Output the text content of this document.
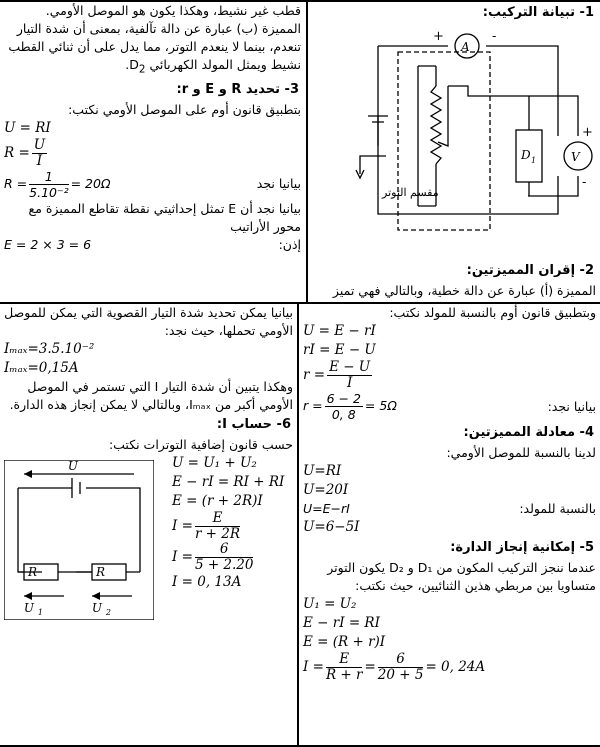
1- تبيانة التركيب:

A
V
D 1
+	-
+
-
مقسم التوتر

2- إقران المميزتين:

المميزة (أ) عبارة عن دالة خطية، وبالتالي فهي تميز

قطب غير نشيط، وهكذا يكون هو الموصل الأومي.

المميزة (ب) عبارة عن دالة تآلفية، بمعنى أن شدة التيار تنعدم، بينما لا ينعدم التوتر، مما يدل على أن ثنائي القطب نشيط ويمثل المولد الكهربائي $D_2$.

3- تحديد R و E و r:

بتطبيق قانون أوم على الموصل الأومي نكتب:

U = RI
$R = \frac{U}{I}$
بيانيا نجد
$R = \frac{1}{\text{5.10⁻²}} = 20\Omega$

بيانيا نجد أن E تمثل إحداثيتي نقطة تقاطع المميزة مع محور الأراتيب

إذن:
E = 2 × 3 = 6

وبتطبيق قانون أوم بالنسبة للمولد نكتب:

U = E − rI
rI = E − U
$r = \frac{E - U}{I}$
بيانيا نجد:
$r = \frac{6 - 2}{0, 8} = 5\Omega$

4- معادلة المميزتين:

لدينا بالنسبة للموصل الأومي:

U=RI
U=20I
بالنسبة للمولد:
U=E−rI
U=6−5I

5- إمكانية إنجاز الدارة:

عندما ننجز التركيب المكون من D₁ و D₂ يكون التوتر متساويا بين مربطي هذين الثنائيين، حيث نكتب:

U₁ = U₂
E − rI = RI
E = (R + r)I
$I = \frac{E}{R + r} = \frac{6}{20 + 5} = 0$, 24A

بيانيا يمكن تحديد شدة التيار القصوية التي يمكن للموصل الأومي تحملها، حيث نجد:

Iₘₐₓ=3.5.10⁻²
Iₘₐₓ=0,15A

وهكذا يتبين أن شدة التيار I التي تستمر في الموصل الأومي أكبر من Iₘₐₓ، وبالتالي لا يمكن إنجاز هذه الدارة.

6- حساب I:

حسب قانون إضافية التوترات نكتب:

U
R	R
U 1	U 2
U = U₁ + U₂
E − rI = RI + RI
E = (r + 2R)I
$I = \frac{E}{r + 2R}$
$I = \frac{6}{5 + 2.20}$
I = 0, 13A
